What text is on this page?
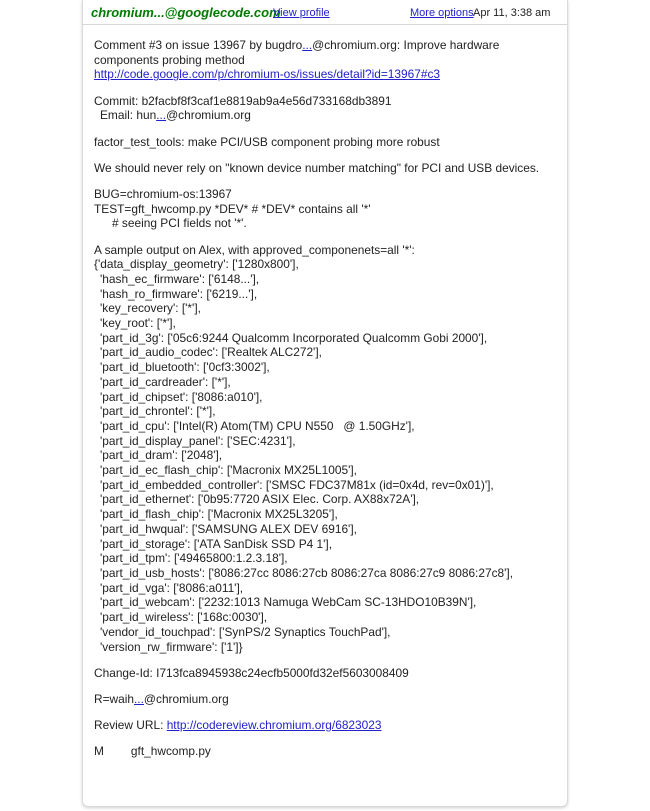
chromium...@googlecode.com
View profile	More options Apr 11, 3:38 am
Comment #3 on issue 13967 by bugdro...@chromium.org: Improve hardware components probing method
http://code.google.com/p/chromium-os/issues/detail?id=13967#c3
Commit: b2facbf8f3caf1e8819ab9a4e56d733168db3891
Email: hun...@chromium.org
factor_test_tools: make PCI/USB component probing more robust
We should never rely on "known device number matching" for PCI and USB devices.
BUG=chromium-os:13967
TEST=gft_hwcomp.py *DEV* # *DEV* contains all '*'
# seeing PCI fields not '*'.
A sample output on Alex, with approved_componenets=all '*':
{'data_display_geometry': ['1280x800'],
'hash_ec_firmware': ['6148...'],
'hash_ro_firmware': ['6219...'],
'key_recovery': ['*'],
'key_root': ['*'],
'part_id_3g': ['05c6:9244 Qualcomm Incorporated Qualcomm Gobi 2000'],
'part_id_audio_codec': ['Realtek ALC272'],
'part_id_bluetooth': ['0cf3:3002'],
'part_id_cardreader': ['*'],
'part_id_chipset': ['8086:a010'],
'part_id_chrontel': ['*'],
'part_id_cpu': ['Intel(R) Atom(TM) CPU N550   @ 1.50GHz'],
'part_id_display_panel': ['SEC:4231'],
'part_id_dram': ['2048'],
'part_id_ec_flash_chip': ['Macronix MX25L1005'],
'part_id_embedded_controller': ['SMSC FDC37M81x (id=0x4d, rev=0x01)'],
'part_id_ethernet': ['0b95:7720 ASIX Elec. Corp. AX88x72A'],
'part_id_flash_chip': ['Macronix MX25L3205'],
'part_id_hwqual': ['SAMSUNG ALEX DEV 6916'],
'part_id_storage': ['ATA SanDisk SSD P4 1'],
'part_id_tpm': ['49465800:1.2.3.18'],
'part_id_usb_hosts': ['8086:27cc 8086:27cb 8086:27ca 8086:27c9 8086:27c8'],
'part_id_vga': ['8086:a011'],
'part_id_webcam': ['2232:1013 Namuga WebCam SC-13HDO10B39N'],
'part_id_wireless': ['168c:0030'],
'vendor_id_touchpad': ['SynPS/2 Synaptics TouchPad'],
'version_rw_firmware': ['1']}
Change-Id: I713fca8945938c24ecfb5000fd32ef5603008409
R=waih...@chromium.org
Review URL: http://codereview.chromium.org/6823023
M gft_hwcomp.py
